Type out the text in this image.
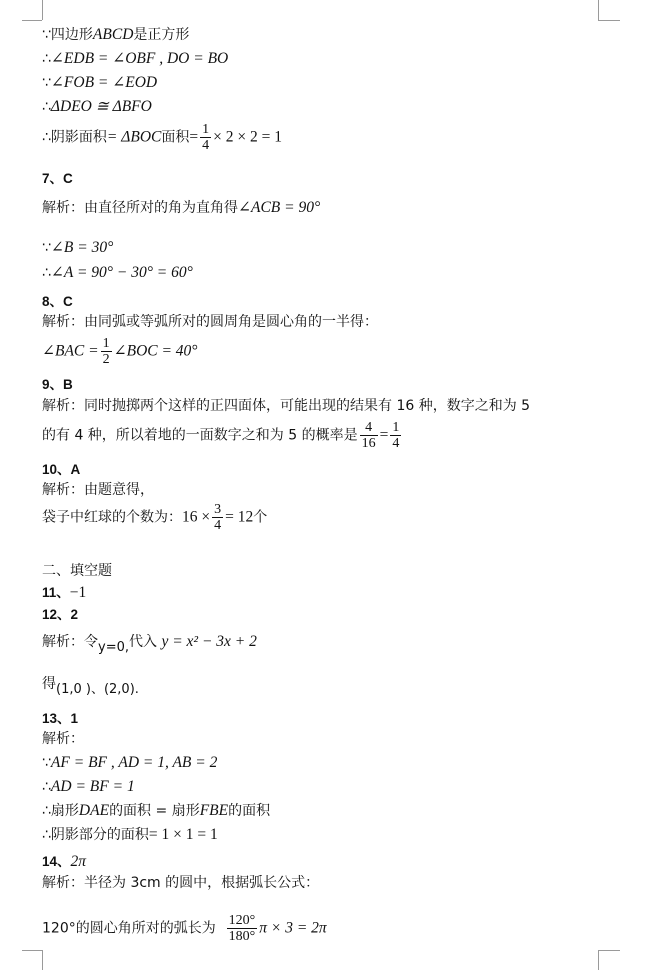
∵四边形ABCD是正方形
∴∠EDB = ∠OBF , DO = BO
∵∠FOB = ∠EOD
∴ΔDEO ≅ ΔBFO
∴阴影面积= ΔBOC面积= $\frac{1}{4} \times 2 \times 2 = 1$
7、C
解析：由直径所对的角为直角得∠ACB = 90°
∵∠B = 30°
∴∠A = 90° − 30° = 60°
8、C
解析：由同弧或等弧所对的圆周角是圆心角的一半得：
∠BAC = $\frac{1}{2}$ ∠BOC = 40°
9、B
解析：同时抛掷两个这样的正四面体，可能出现的结果有 16 种，数字之和为 5
的有 4 种，所以着地的一面数字之和为 5 的概率是 $\frac{4}{16} = \frac{1}{4}$
10、A
解析：由题意得，
袋子中红球的个数为：$16 \times \frac{3}{4} = 12$个
二、填空题
11、−1
12、2
解析：令y=0,代入 y = x² − 3x + 2
得(1,0 )、(2,0).
13、1
解析：
∵AF = BF , AD = 1, AB = 2
∴AD = BF = 1
∴扇形DAE的面积 = 扇形FBE的面积
∴阴影部分的面积= 1 × 1 = 1
14、2π
解析：半径为 3cm 的圆中，根据弧长公式：
120°的圆心角所对的弧长为 $\frac{120^\circ}{180^\circ}$ π × 3 = 2π
